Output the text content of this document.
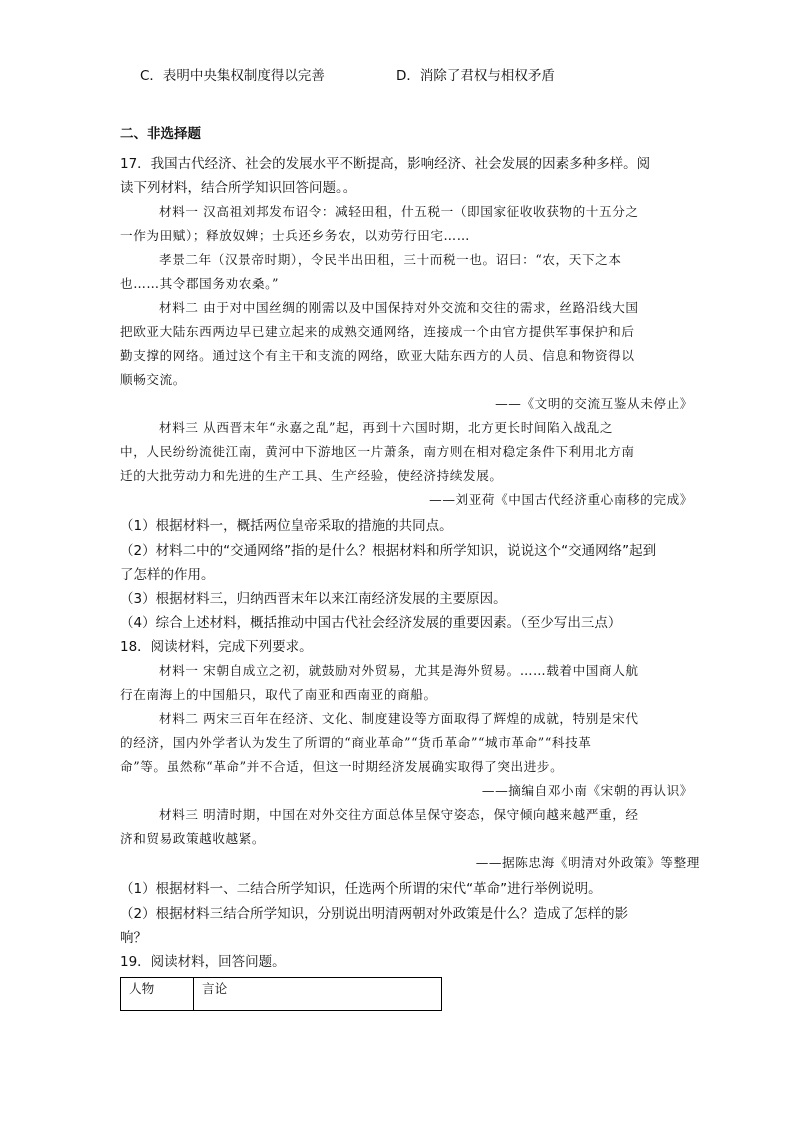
C．表明中央集权制度得以完善	D．消除了君权与相权矛盾
二、非选择题
17．我国古代经济、社会的发展水平不断提高，影响经济、社会发展的因素多种多样。阅
读下列材料，结合所学知识回答问题。。
材料一 汉高祖刘邦发布诏令：减轻田租，什五税一（即国家征收收获物的十五分之
一作为田赋）；释放奴婢；士兵还乡务农，以劝劳行田宅……
孝景二年（汉景帝时期），令民半出田租，三十而税一也。诏曰：“农，天下之本
也……其令郡国务劝农桑。”
材料二 由于对中国丝绸的刚需以及中国保持对外交流和交往的需求，丝路沿线大国
把欧亚大陆东西两边早已建立起来的成熟交通网络，连接成一个由官方提供军事保护和后
勤支撑的网络。通过这个有主干和支流的网络，欧亚大陆东西方的人员、信息和物资得以
顺畅交流。
——《文明的交流互鉴从未停止》
材料三 从西晋末年“永嘉之乱”起，再到十六国时期，北方更长时间陷入战乱之
中，人民纷纷流徙江南，黄河中下游地区一片萧条，南方则在相对稳定条件下利用北方南
迁的大批劳动力和先进的生产工具、生产经验，使经济持续发展。
——刘亚荷《中国古代经济重心南移的完成》
（1）根据材料一，概括两位皇帝采取的措施的共同点。
（2）材料二中的“交通网络”指的是什么？根据材料和所学知识，说说这个“交通网络”起到
了怎样的作用。
（3）根据材料三，归纳西晋末年以来江南经济发展的主要原因。
（4）综合上述材料，概括推动中国古代社会经济发展的重要因素。（至少写出三点）
18．阅读材料，完成下列要求。
材料一 宋朝自成立之初，就鼓励对外贸易，尤其是海外贸易。……载着中国商人航
行在南海上的中国船只，取代了南亚和西南亚的商船。
材料二 两宋三百年在经济、文化、制度建设等方面取得了辉煌的成就，特别是宋代
的经济，国内外学者认为发生了所谓的“商业革命”“货币革命”“城市革命”“科技革
命”等。虽然称“革命”并不合适，但这一时期经济发展确实取得了突出进步。
——摘编自邓小南《宋朝的再认识》
材料三 明清时期，中国在对外交往方面总体呈保守姿态，保守倾向越来越严重，经
济和贸易政策越收越紧。
——据陈忠海《明清对外政策》等整理
（1）根据材料一、二结合所学知识，任选两个所谓的宋代“革命”进行举例说明。
（2）根据材料三结合所学知识，分别说出明清两朝对外政策是什么？造成了怎样的影
响？
19．阅读材料，回答问题。
人物	言论
